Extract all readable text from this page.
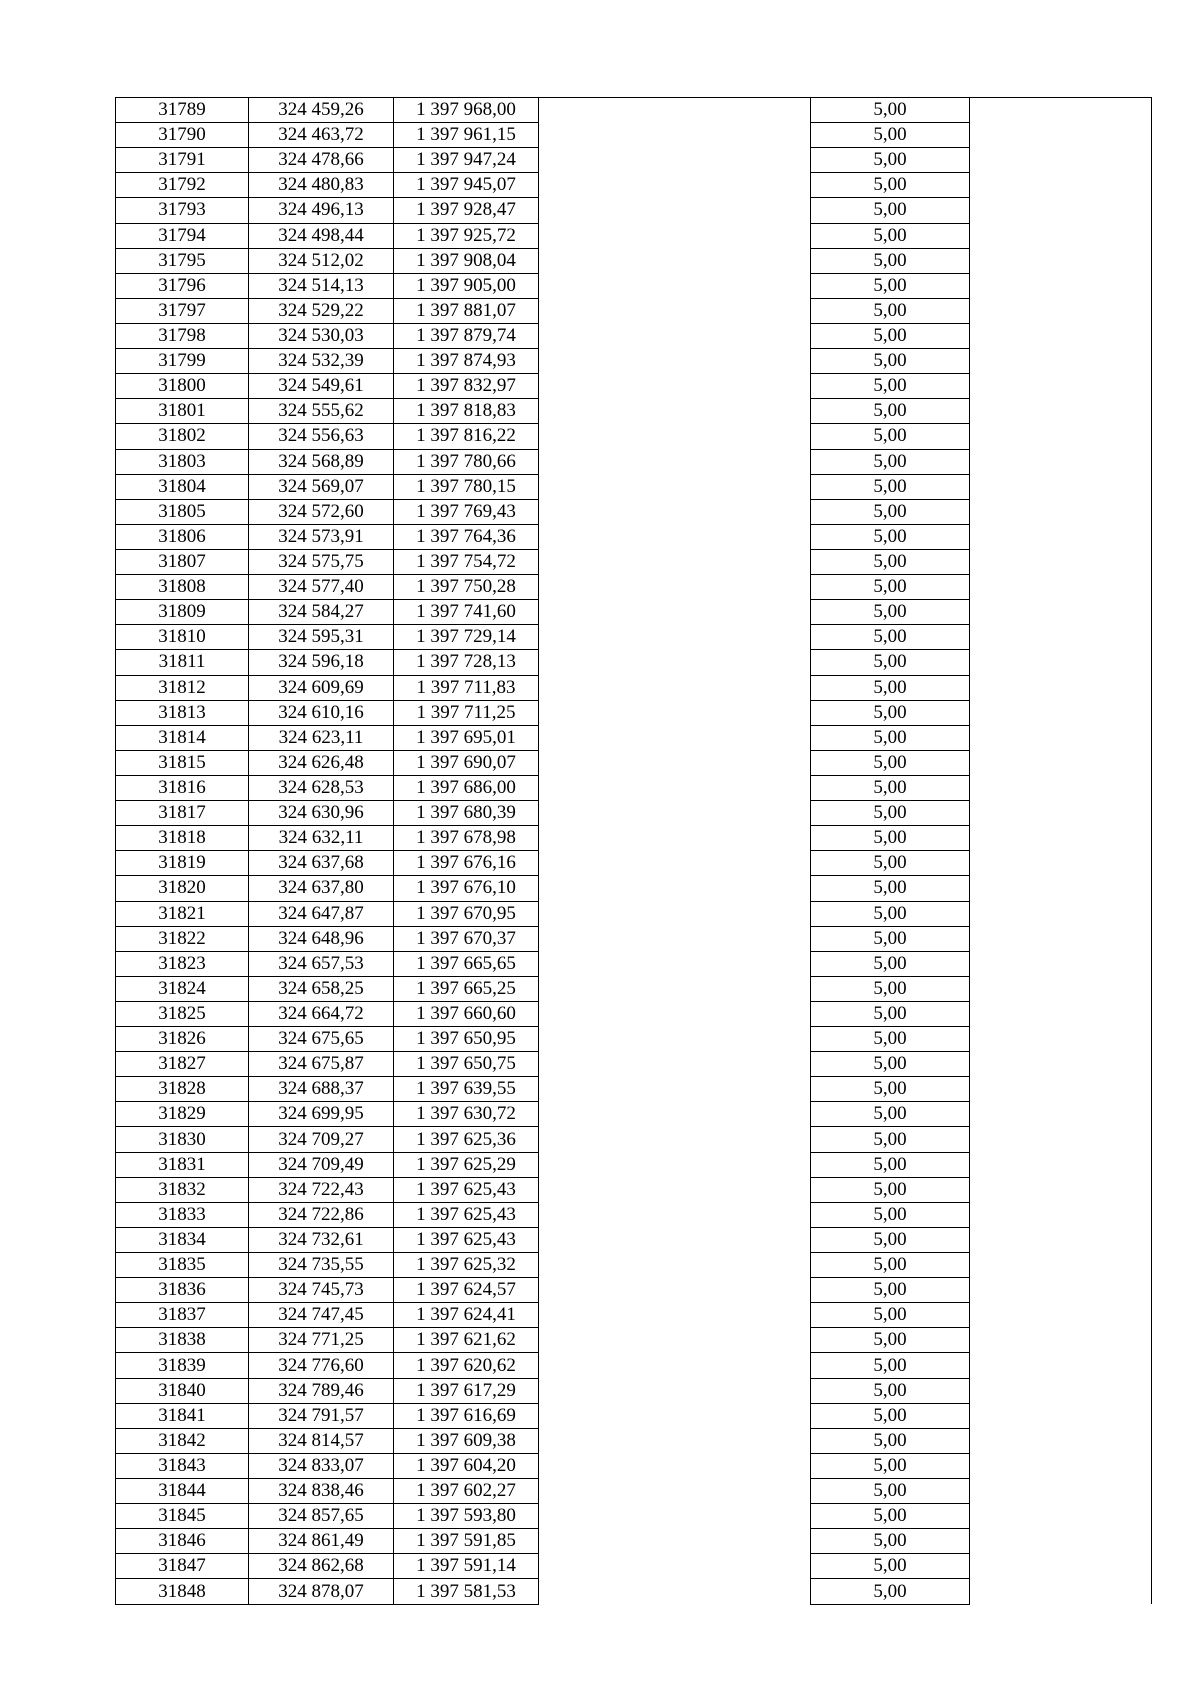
31789	324 459,26	1 397 968,00		5,00	
31790	324 463,72	1 397 961,15		5,00	
31791	324 478,66	1 397 947,24		5,00	
31792	324 480,83	1 397 945,07		5,00	
31793	324 496,13	1 397 928,47		5,00	
31794	324 498,44	1 397 925,72		5,00	
31795	324 512,02	1 397 908,04		5,00	
31796	324 514,13	1 397 905,00		5,00	
31797	324 529,22	1 397 881,07		5,00	
31798	324 530,03	1 397 879,74		5,00	
31799	324 532,39	1 397 874,93		5,00	
31800	324 549,61	1 397 832,97		5,00	
31801	324 555,62	1 397 818,83		5,00	
31802	324 556,63	1 397 816,22		5,00	
31803	324 568,89	1 397 780,66		5,00	
31804	324 569,07	1 397 780,15		5,00	
31805	324 572,60	1 397 769,43		5,00	
31806	324 573,91	1 397 764,36		5,00	
31807	324 575,75	1 397 754,72		5,00	
31808	324 577,40	1 397 750,28		5,00	
31809	324 584,27	1 397 741,60		5,00	
31810	324 595,31	1 397 729,14		5,00	
31811	324 596,18	1 397 728,13		5,00	
31812	324 609,69	1 397 711,83		5,00	
31813	324 610,16	1 397 711,25		5,00	
31814	324 623,11	1 397 695,01		5,00	
31815	324 626,48	1 397 690,07		5,00	
31816	324 628,53	1 397 686,00		5,00	
31817	324 630,96	1 397 680,39		5,00	
31818	324 632,11	1 397 678,98		5,00	
31819	324 637,68	1 397 676,16		5,00	
31820	324 637,80	1 397 676,10		5,00	
31821	324 647,87	1 397 670,95		5,00	
31822	324 648,96	1 397 670,37		5,00	
31823	324 657,53	1 397 665,65		5,00	
31824	324 658,25	1 397 665,25		5,00	
31825	324 664,72	1 397 660,60		5,00	
31826	324 675,65	1 397 650,95		5,00	
31827	324 675,87	1 397 650,75		5,00	
31828	324 688,37	1 397 639,55		5,00	
31829	324 699,95	1 397 630,72		5,00	
31830	324 709,27	1 397 625,36		5,00	
31831	324 709,49	1 397 625,29		5,00	
31832	324 722,43	1 397 625,43		5,00	
31833	324 722,86	1 397 625,43		5,00	
31834	324 732,61	1 397 625,43		5,00	
31835	324 735,55	1 397 625,32		5,00	
31836	324 745,73	1 397 624,57		5,00	
31837	324 747,45	1 397 624,41		5,00	
31838	324 771,25	1 397 621,62		5,00	
31839	324 776,60	1 397 620,62		5,00	
31840	324 789,46	1 397 617,29		5,00	
31841	324 791,57	1 397 616,69		5,00	
31842	324 814,57	1 397 609,38		5,00	
31843	324 833,07	1 397 604,20		5,00	
31844	324 838,46	1 397 602,27		5,00	
31845	324 857,65	1 397 593,80		5,00	
31846	324 861,49	1 397 591,85		5,00	
31847	324 862,68	1 397 591,14		5,00	
31848	324 878,07	1 397 581,53		5,00	
